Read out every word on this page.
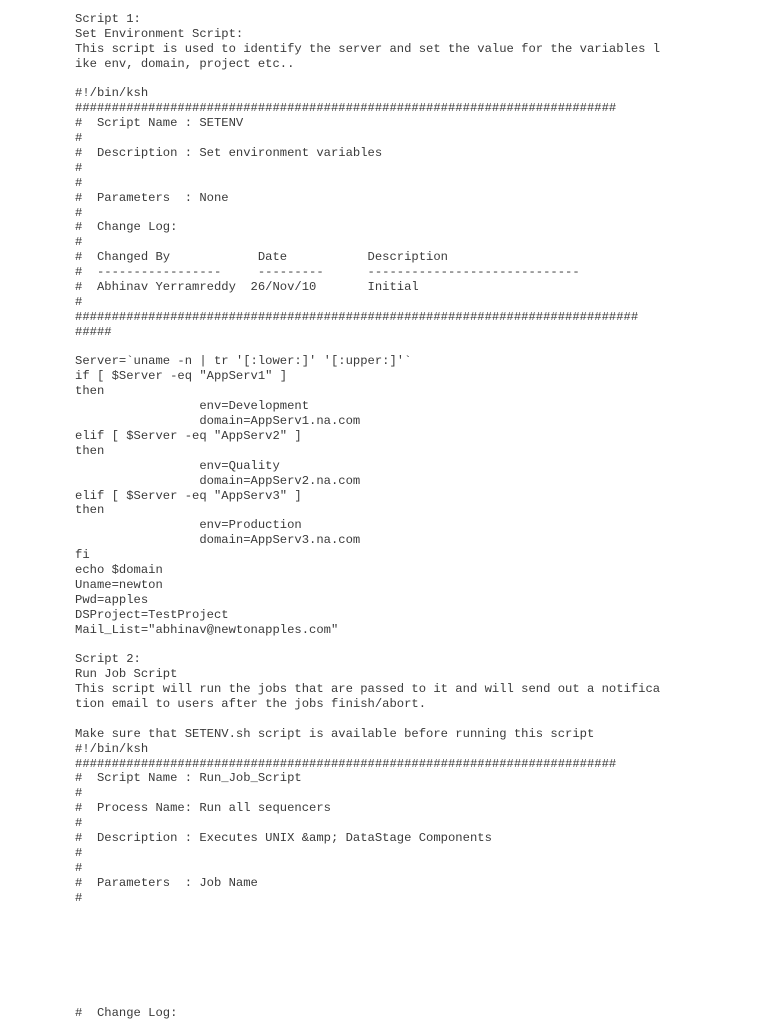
Script 1:
Set Environment Script:
This script is used to identify the server and set the value for the variables l
ike env, domain, project etc..
#!/bin/ksh
##########################################################################
#  Script Name : SETENV
#
#  Description : Set environment variables
#
#
#  Parameters  : None
#
#  Change Log:
#
#  Changed By            Date           Description
#  -----------------     ---------      -----------------------------
#  Abhinav Yerramreddy  26/Nov/10       Initial
#
#############################################################################
#####
Server=`uname -n | tr '[:lower:]' '[:upper:]'`
if [ $Server -eq "AppServ1" ]
then
env=Development
domain=AppServ1.na.com
elif [ $Server -eq "AppServ2" ]
then
env=Quality
domain=AppServ2.na.com
elif [ $Server -eq "AppServ3" ]
then
env=Production
domain=AppServ3.na.com
fi
echo $domain
Uname=newton
Pwd=apples
DSProject=TestProject
Mail_List="abhinav@newtonapples.com"
Script 2:
Run Job Script
This script will run the jobs that are passed to it and will send out a notifica
tion email to users after the jobs finish/abort.
Make sure that SETENV.sh script is available before running this script
#!/bin/ksh
##########################################################################
#  Script Name : Run_Job_Script
#
#  Process Name: Run all sequencers
#
#  Description : Executes UNIX &amp; DataStage Components
#
#
#  Parameters  : Job Name
#
#  Change Log:
